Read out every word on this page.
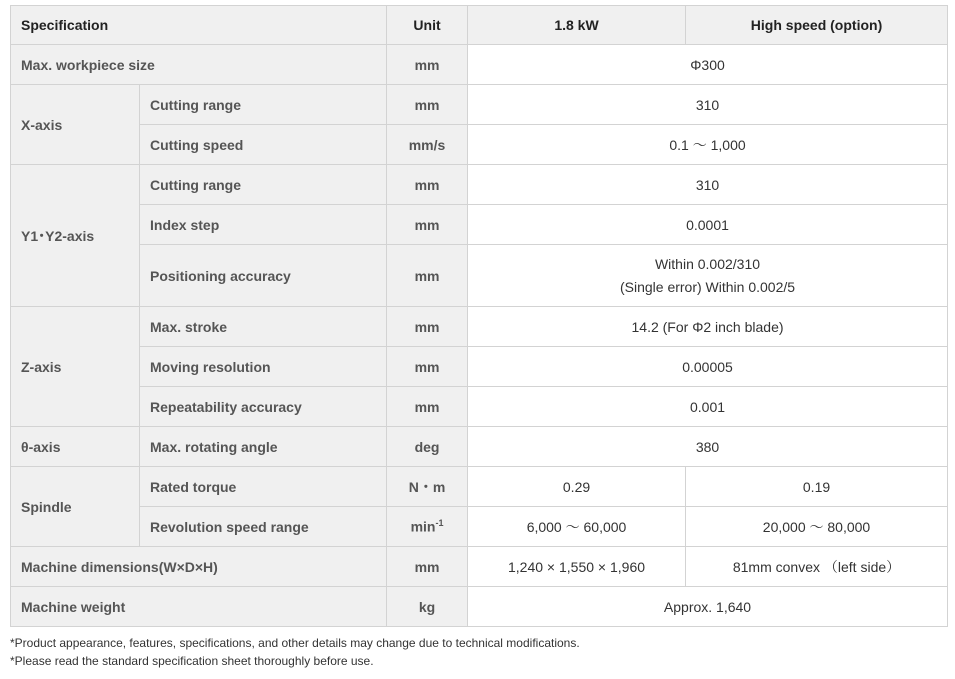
Specification		Unit	1.8 kW	High speed (option)
Max. workpiece size		mm	Φ300	
X-axis	Cutting range	mm	310	
	Cutting speed	mm/s	0.1 ～ 1,000	
Y1･Y2-axis	Cutting range	mm	310	
	Index step	mm	0.0001	
	Positioning accuracy	mm	Within 0.002/310
(Single error) Within 0.002/5	

Z-axis	Max. stroke	mm	14.2 (For Φ2 inch blade)	
	Moving resolution	mm	0.00005	
	Repeatability accuracy	mm	0.001	
θ-axis	Max. rotating angle	deg	380	
Spindle	Rated torque	N・m	0.29	0.19
	Revolution speed range	$\min^{-1}$	6,000 ～ 60,000	20,000 ～ 80,000
Machine dimensions(W×D×H)		mm	1,240 × 1,550 × 1,960	81mm convex （left side）
Machine weight		kg	Approx. 1,640	
*Product appearance, features, specifications, and other details may change due to technical modifications.
*Please read the standard specification sheet thoroughly before use.
